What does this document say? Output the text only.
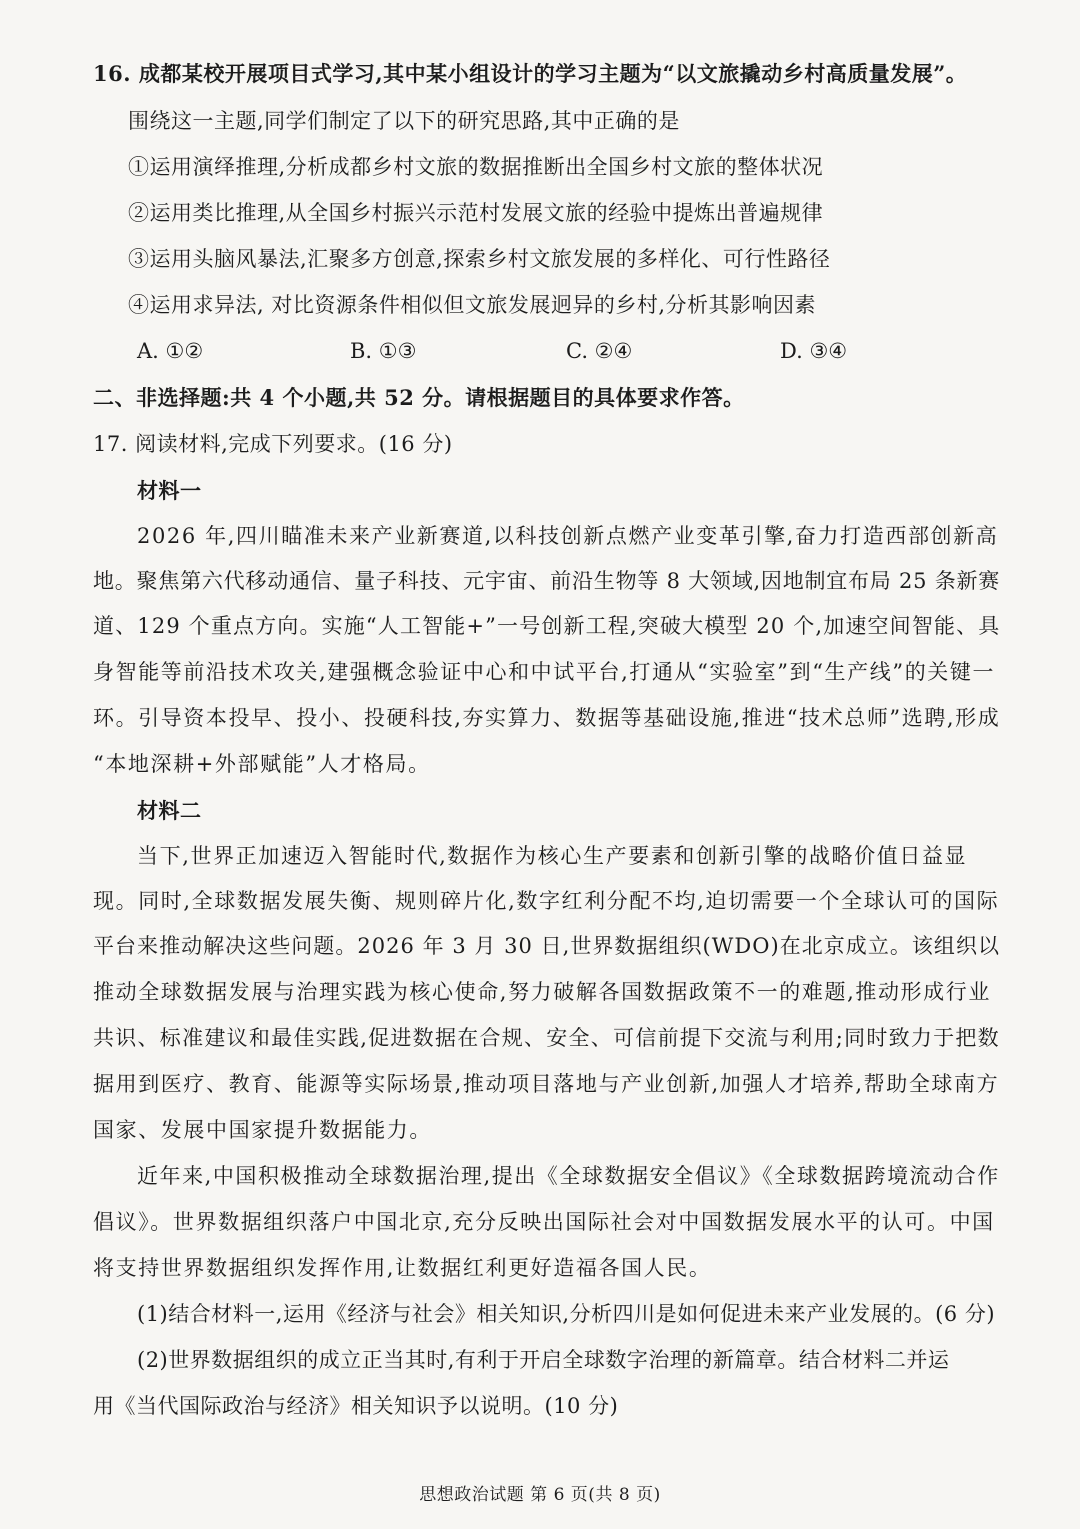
16. 成都某校开展项目式学习,其中某小组设计的学习主题为“以文旅撬动乡村高质量发展”。
围绕这一主题,同学们制定了以下的研究思路,其中正确的是
①运用演绎推理,分析成都乡村文旅的数据推断出全国乡村文旅的整体状况
②运用类比推理,从全国乡村振兴示范村发展文旅的经验中提炼出普遍规律
③运用头脑风暴法,汇聚多方创意,探索乡村文旅发展的多样化、可行性路径
④运用求异法, 对比资源条件相似但文旅发展迥异的乡村,分析其影响因素
A. ①②	B. ①③	C. ②④	D. ③④
二、非选择题:共 4 个小题,共 52 分。请根据题目的具体要求作答。
17. 阅读材料,完成下列要求。(16 分)
材料一
2026 年,四川瞄准未来产业新赛道,以科技创新点燃产业变革引擎,奋力打造西部创新高
地。聚焦第六代移动通信、量子科技、元宇宙、前沿生物等 8 大领域,因地制宜布局 25 条新赛
道、129 个重点方向。实施“人工智能+”一号创新工程,突破大模型 20 个,加速空间智能、具
身智能等前沿技术攻关,建强概念验证中心和中试平台,打通从“实验室”到“生产线”的关键一
环。引导资本投早、投小、投硬科技,夯实算力、数据等基础设施,推进“技术总师”选聘,形成
“本地深耕+外部赋能”人才格局。
材料二
当下,世界正加速迈入智能时代,数据作为核心生产要素和创新引擎的战略价值日益显
现。同时,全球数据发展失衡、规则碎片化,数字红利分配不均,迫切需要一个全球认可的国际
平台来推动解决这些问题。2026 年 3 月 30 日,世界数据组织(WDO)在北京成立。该组织以
推动全球数据发展与治理实践为核心使命,努力破解各国数据政策不一的难题,推动形成行业
共识、标准建议和最佳实践,促进数据在合规、安全、可信前提下交流与利用;同时致力于把数
据用到医疗、教育、能源等实际场景,推动项目落地与产业创新,加强人才培养,帮助全球南方
国家、发展中国家提升数据能力。
近年来,中国积极推动全球数据治理,提出《全球数据安全倡议》《全球数据跨境流动合作
倡议》。世界数据组织落户中国北京,充分反映出国际社会对中国数据发展水平的认可。中国
将支持世界数据组织发挥作用,让数据红利更好造福各国人民。
(1)结合材料一,运用《经济与社会》相关知识,分析四川是如何促进未来产业发展的。(6 分)
(2)世界数据组织的成立正当其时,有利于开启全球数字治理的新篇章。结合材料二并运
用《当代国际政治与经济》相关知识予以说明。(10 分)
思想政治试题 第 6 页(共 8 页)
